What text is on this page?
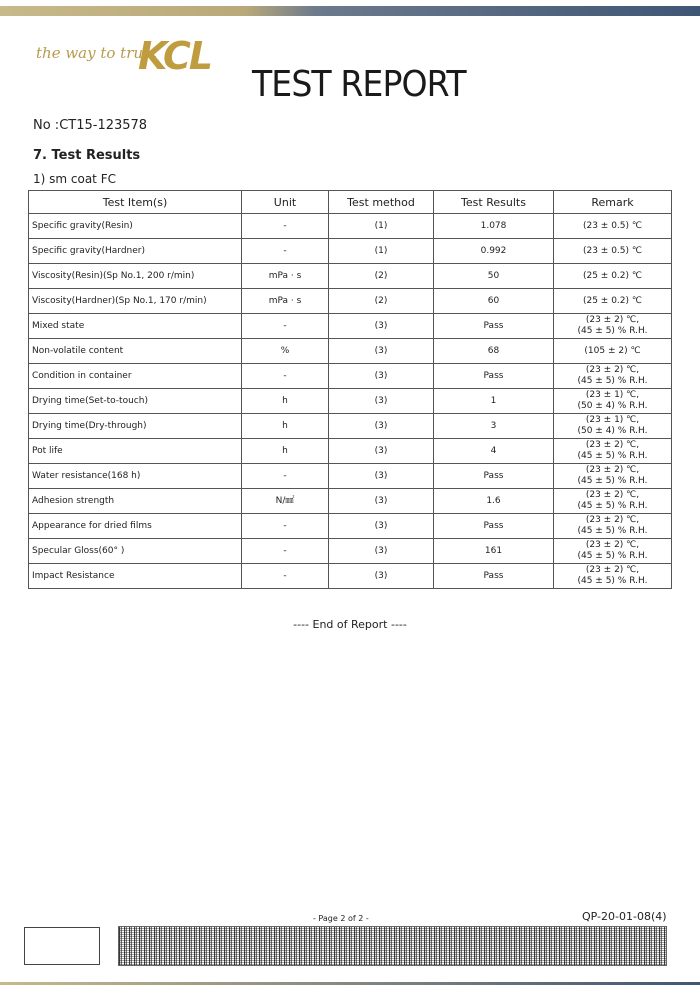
the way to trust
KCL
TEST REPORT
No :CT15-123578
7. Test Results
1) sm coat FC
Test Item(s)	Unit	Test method	Test Results	Remark
Specific gravity(Resin)	-	(1)	1.078	(23 ± 0.5) ℃
Specific gravity(Hardner)	-	(1)	0.992	(23 ± 0.5) ℃
Viscosity(Resin)(Sp No.1, 200 r/min)	mPa · s	(2)	50	(25 ± 0.2) ℃
Viscosity(Hardner)(Sp No.1, 170 r/min)	mPa · s	(2)	60	(25 ± 0.2) ℃
Mixed state	-	(3)	Pass	(23 ± 2) ℃,
(45 ± 5) % R.H.
Non-volatile content	%	(3)	68	(105 ± 2) ℃
Condition in container	-	(3)	Pass	(23 ± 2) ℃,
(45 ± 5) % R.H.
Drying time(Set-to-touch)	h	(3)	1	(23 ± 1) ℃,
(50 ± 4) % R.H.
Drying time(Dry-through)	h	(3)	3	(23 ± 1) ℃,
(50 ± 4) % R.H.
Pot life	h	(3)	4	(23 ± 2) ℃,
(45 ± 5) % R.H.
Water resistance(168 h)	-	(3)	Pass	(23 ± 2) ℃,
(45 ± 5) % R.H.
Adhesion strength	N/㎟	(3)	1.6	(23 ± 2) ℃,
(45 ± 5) % R.H.
Appearance for dried films	-	(3)	Pass	(23 ± 2) ℃,
(45 ± 5) % R.H.
Specular Gloss(60° )	-	(3)	161	(23 ± 2) ℃,
(45 ± 5) % R.H.
Impact Resistance	-	(3)	Pass	(23 ± 2) ℃,
(45 ± 5) % R.H.
---- End of Report ----
- Page 2 of 2 -	QP-20-01-08(4)
